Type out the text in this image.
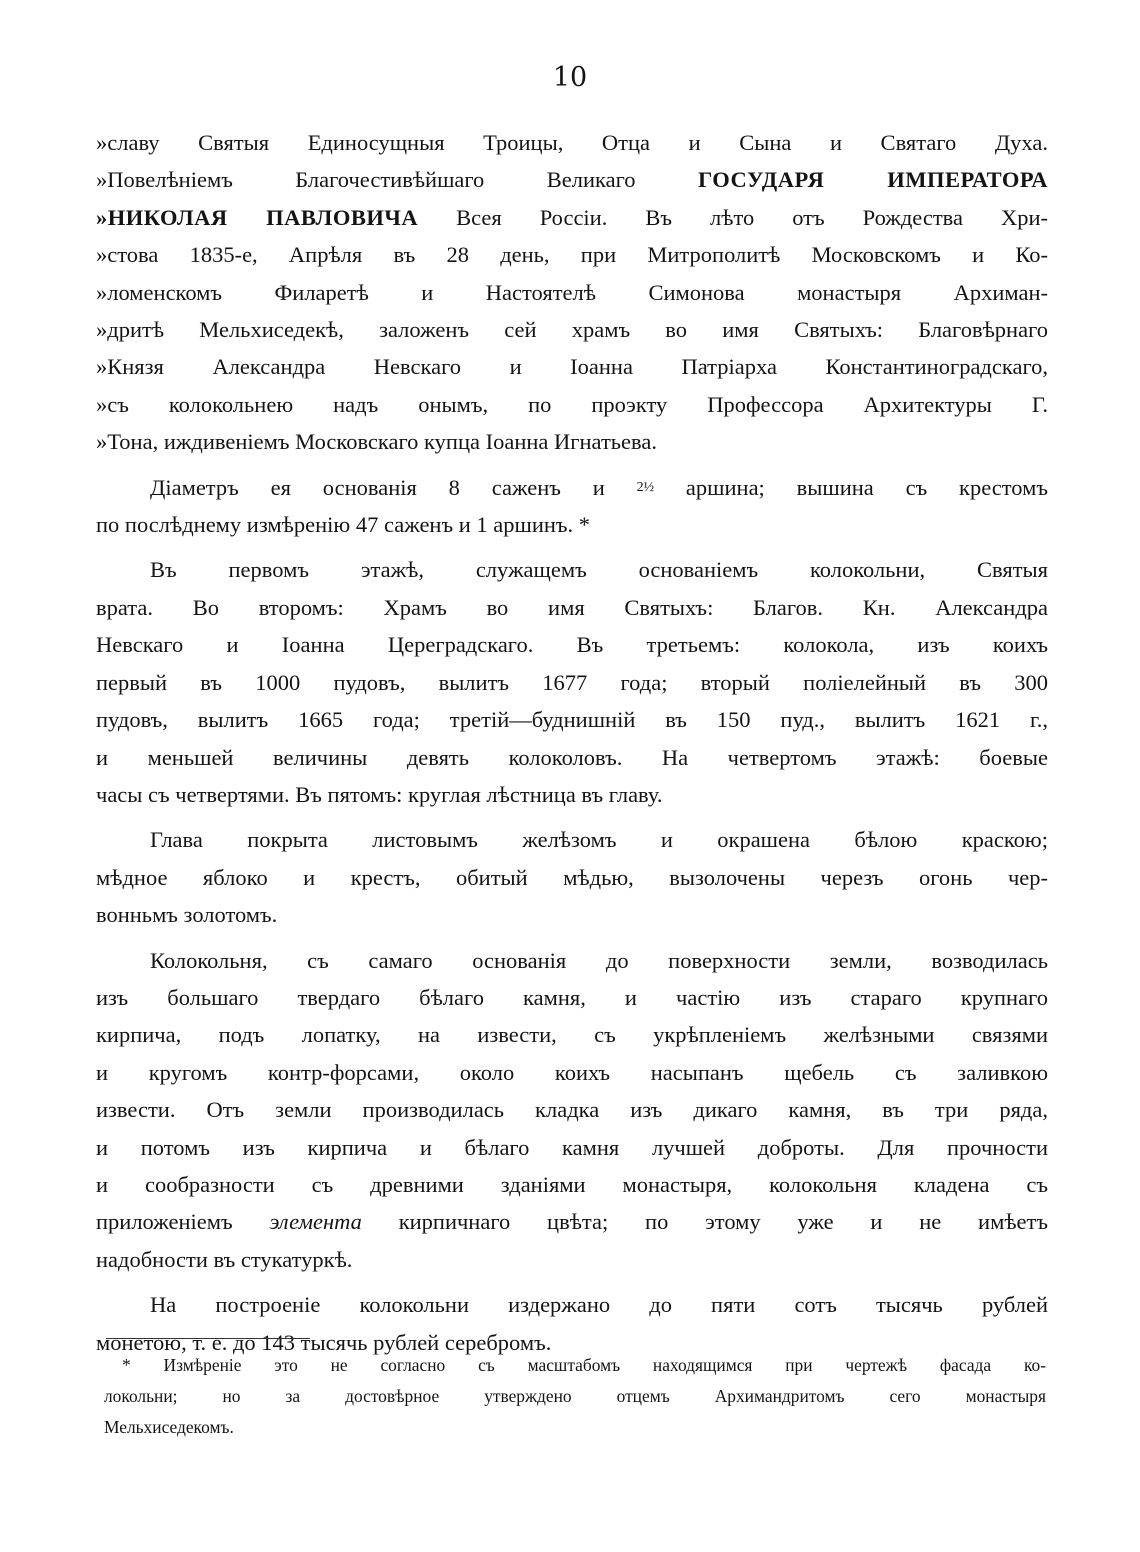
10
»славу Святыя Единосущныя Троицы, Отца и Сына и Святаго Духа.
»Повелѣніемъ Благочестивѣйшаго Великаго	ГОСУДАРЯ ИМПЕРАТОРА
»НИКОЛАЯ ПАВЛОВИЧА Всея Россіи. Въ лѣто отъ Рождества Хри-
»стова 1835-е, Апрѣля въ 28 день, при Митрополитѣ Московскомъ и Ко-
»ломенскомъ Филаретѣ и Настоятелѣ Симонова монастыря Архиман-
»дритѣ Мельхиседекѣ, заложенъ сей храмъ во имя Святыхъ: Благовѣрнаго
»Князя Александра Невскаго и Іоанна Патріарха Константиноградскаго,
»съ колокольнею надъ онымъ, по проэкту Профессора Архитектуры Г.
»Тона, иждивеніемъ Московскаго купца Іоанна Игнатьева.
Діаметръ ея основанія 8 саженъ и 2½ аршина; вышина съ крестомъ
по послѣднему измѣренію 47 саженъ и 1 аршинъ. *
Въ первомъ этажѣ, служащемъ основаніемъ колокольни, Святыя
врата. Во второмъ: Храмъ во имя Святыхъ: Благов. Кн. Александра
Невскаго и Іоанна Цереградскаго. Въ третьемъ: колокола, изъ коихъ
первый въ 1000 пудовъ, вылитъ 1677 года; вторый поліелейный въ 300
пудовъ, вылитъ 1665 года; третій—буднишній въ 150 пуд., вылитъ 1621 г.,
и меньшей величины девять колоколовъ. На четвертомъ этажѣ: боевые
часы съ четвертями. Въ пятомъ: круглая лѣстница въ главу.
Глава покрыта листовымъ желѣзомъ и окрашена бѣлою краскою;
мѣдное яблоко и крестъ, обитый мѣдью, вызолочены черезъ огонь чер-
вонньмъ золотомъ.
Колокольня, съ самаго основанія до поверхности земли, возводилась
изъ большаго твердаго бѣлаго камня, и частію изъ стараго крупнаго
кирпича, подъ лопатку, на извести, съ укрѣпленіемъ желѣзными связями
и кругомъ контр-форсами, около коихъ насыпанъ щебель съ заливкою
извести. Отъ земли производилась кладка изъ дикаго камня, въ три ряда,
и потомъ изъ кирпича и бѣлаго камня лучшей доброты. Для прочности
и сообразности съ древними зданіями монастыря, колокольня кладена съ
приложеніемъ элемента кирпичнаго цвѣта; по этому уже и не имѣетъ
надобности въ стукатуркѣ.
На построеніе колокольни издержано до пяти сотъ тысячь рублей
монетою, т. е. до 143 тысячь рублей серебромъ.
* Измѣреніе это не согласно съ масштабомъ находящимся при чертежѣ фасада ко-
локольни; но за достовѣрное утверждено отцемъ Архимандритомъ сего монастыря
Мельхиседекомъ.
